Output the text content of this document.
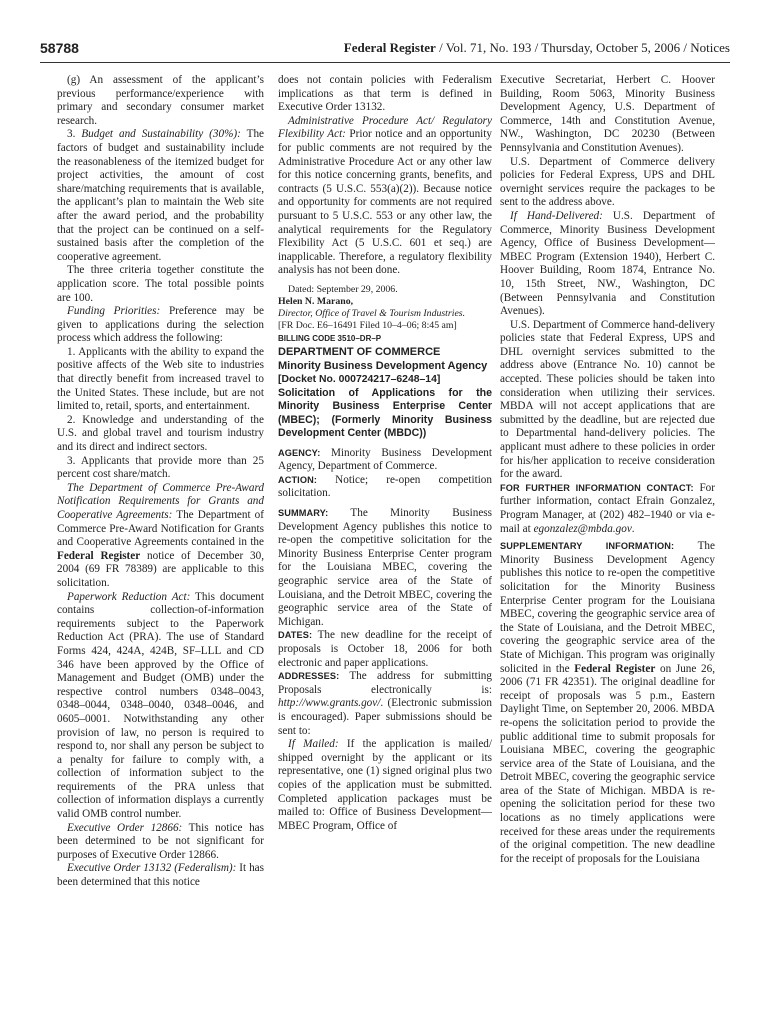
58788	Federal Register / Vol. 71, No. 193 / Thursday, October 5, 2006 / Notices

(g) An assessment of the applicant’s previous performance/experience with primary and secondary consumer market research.

3. Budget and Sustainability (30%): The factors of budget and sustainability include the reasonableness of the itemized budget for project activities, the amount of cost share/matching requirements that is available, the applicant’s plan to maintain the Web site after the award period, and the probability that the project can be continued on a self-sustained basis after the completion of the cooperative agreement.

The three criteria together constitute the application score. The total possible points are 100.

Funding Priorities: Preference may be given to applications during the selection process which address the following:

1. Applicants with the ability to expand the positive affects of the Web site to industries that directly benefit from increased travel to the United States. These include, but are not limited to, retail, sports, and entertainment.

2. Knowledge and understanding of the U.S. and global travel and tourism industry and its direct and indirect sectors.

3. Applicants that provide more than 25 percent cost share/match.

The Department of Commerce Pre-Award Notification Requirements for Grants and Cooperative Agreements: The Department of Commerce Pre-Award Notification for Grants and Cooperative Agreements contained in the Federal Register notice of December 30, 2004 (69 FR 78389) are applicable to this solicitation.

Paperwork Reduction Act: This document contains collection-of-information requirements subject to the Paperwork Reduction Act (PRA). The use of Standard Forms 424, 424A, 424B, SF–LLL and CD 346 have been approved by the Office of Management and Budget (OMB) under the respective control numbers 0348–0043, 0348–0044, 0348–0040, 0348–0046, and 0605–0001. Notwithstanding any other provision of law, no person is required to respond to, nor shall any person be subject to a penalty for failure to comply with, a collection of information subject to the requirements of the PRA unless that collection of information displays a currently valid OMB control number.

Executive Order 12866: This notice has been determined to be not significant for purposes of Executive Order 12866.

Executive Order 13132 (Federalism): It has been determined that this notice

does not contain policies with Federalism implications as that term is defined in Executive Order 13132.

Administrative Procedure Act/ Regulatory Flexibility Act: Prior notice and an opportunity for public comments are not required by the Administrative Procedure Act or any other law for this notice concerning grants, benefits, and contracts (5 U.S.C. 553(a)(2)). Because notice and opportunity for comments are not required pursuant to 5 U.S.C. 553 or any other law, the analytical requirements for the Regulatory Flexibility Act (5 U.S.C. 601 et seq.) are inapplicable. Therefore, a regulatory flexibility analysis has not been done.

Dated: September 29, 2006.

Helen N. Marano,

Director, Office of Travel & Tourism Industries.

[FR Doc. E6–16491 Filed 10–4–06; 8:45 am]

BILLING CODE 3510–DR–P

DEPARTMENT OF COMMERCE

Minority Business Development Agency

[Docket No. 000724217–6248–14]

Solicitation of Applications for the Minority Business Enterprise Center (MBEC); (Formerly Minority Business Development Center (MBDC))

AGENCY: Minority Business Development Agency, Department of Commerce.

ACTION: Notice; re-open competition solicitation.

SUMMARY: The Minority Business Development Agency publishes this notice to re-open the competitive solicitation for the Minority Business Enterprise Center program for the Louisiana MBEC, covering the geographic service area of the State of Louisiana, and the Detroit MBEC, covering the geographic service area of the State of Michigan.

DATES: The new deadline for the receipt of proposals is October 18, 2006 for both electronic and paper applications.

ADDRESSES: The address for submitting Proposals electronically is: http://www.grants.gov/. (Electronic submission is encouraged). Paper submissions should be sent to:

If Mailed: If the application is mailed/ shipped overnight by the applicant or its representative, one (1) signed original plus two copies of the application must be submitted. Completed application packages must be mailed to: Office of Business Development—MBEC Program, Office of

Executive Secretariat, Herbert C. Hoover Building, Room 5063, Minority Business Development Agency, U.S. Department of Commerce, 14th and Constitution Avenue, NW., Washington, DC 20230 (Between Pennsylvania and Constitution Avenues).

U.S. Department of Commerce delivery policies for Federal Express, UPS and DHL overnight services require the packages to be sent to the address above.

If Hand-Delivered: U.S. Department of Commerce, Minority Business Development Agency, Office of Business Development—MBEC Program (Extension 1940), Herbert C. Hoover Building, Room 1874, Entrance No. 10, 15th Street, NW., Washington, DC (Between Pennsylvania and Constitution Avenues).

U.S. Department of Commerce hand-delivery policies state that Federal Express, UPS and DHL overnight services submitted to the address above (Entrance No. 10) cannot be accepted. These policies should be taken into consideration when utilizing their services. MBDA will not accept applications that are submitted by the deadline, but are rejected due to Departmental hand-delivery policies. The applicant must adhere to these policies in order for his/her application to receive consideration for the award.

FOR FURTHER INFORMATION CONTACT: For further information, contact Efrain Gonzalez, Program Manager, at (202) 482–1940 or via e-mail at egonzalez@mbda.gov.

SUPPLEMENTARY INFORMATION: The Minority Business Development Agency publishes this notice to re-open the competitive solicitation for the Minority Business Enterprise Center program for the Louisiana MBEC, covering the geographic service area of the State of Louisiana, and the Detroit MBEC, covering the geographic service area of the State of Michigan. This program was originally solicited in the Federal Register on June 26, 2006 (71 FR 42351). The original deadline for receipt of proposals was 5 p.m., Eastern Daylight Time, on September 20, 2006. MBDA re-opens the solicitation period to provide the public additional time to submit proposals for Louisiana MBEC, covering the geographic service area of the State of Louisiana, and the Detroit MBEC, covering the geographic service area of the State of Michigan. MBDA is re-opening the solicitation period for these two locations as no timely applications were received for these areas under the requirements of the original competition. The new deadline for the receipt of proposals for the Louisiana
